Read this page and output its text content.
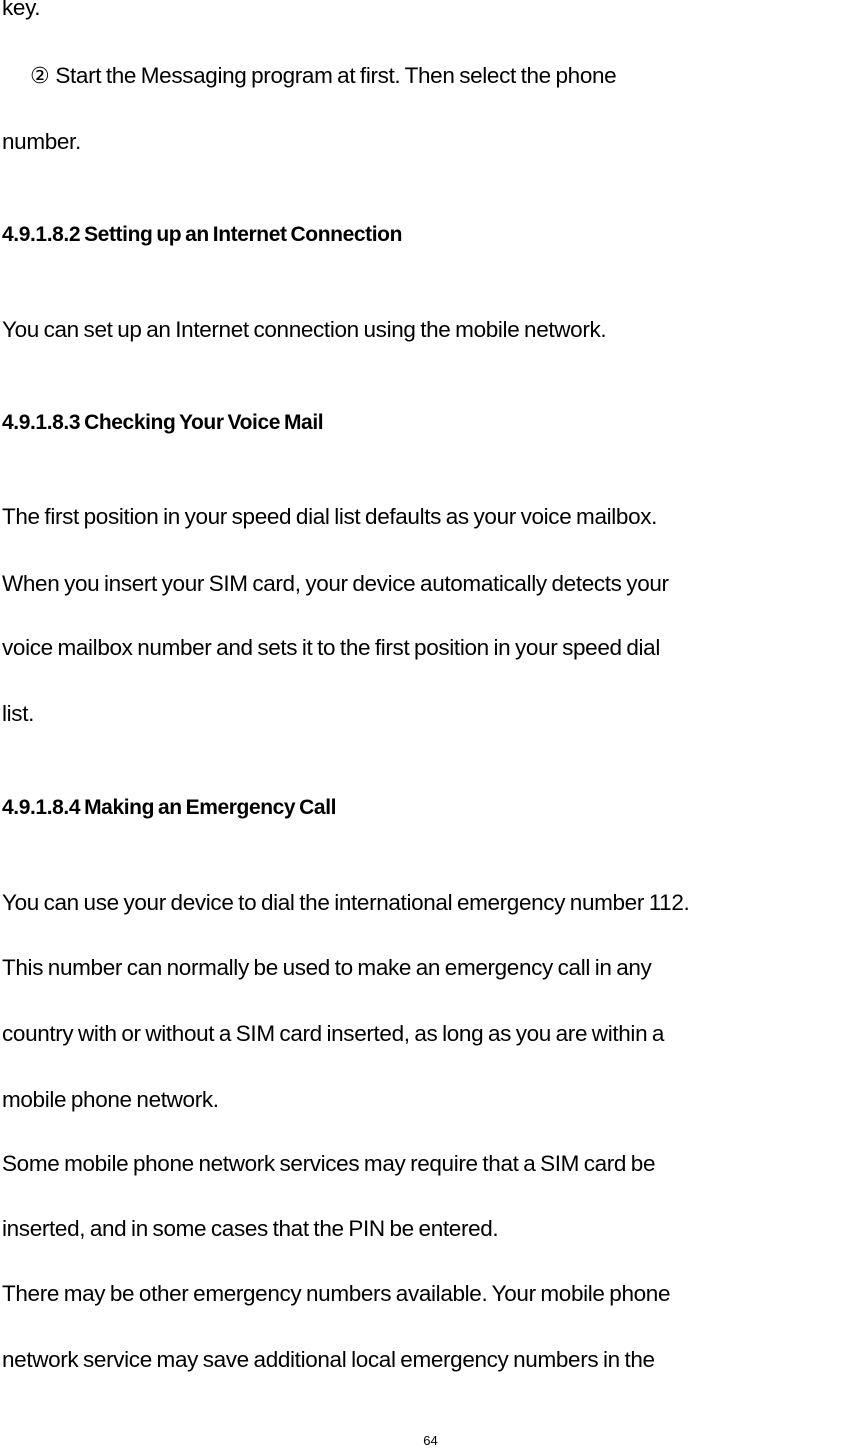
key.
② Start the Messaging program at first. Then select the phone
number.
4.9.1.8.2 Setting up an Internet Connection
You can set up an Internet connection using the mobile network.
4.9.1.8.3 Checking Your Voice Mail
The first position in your speed dial list defaults as your voice mailbox.
When you insert your SIM card, your device automatically detects your
voice mailbox number and sets it to the first position in your speed dial
list.
4.9.1.8.4 Making an Emergency Call
You can use your device to dial the international emergency number 112.
This number can normally be used to make an emergency call in any
country with or without a SIM card inserted, as long as you are within a
mobile phone network.
Some mobile phone network services may require that a SIM card be
inserted, and in some cases that the PIN be entered.
There may be other emergency numbers available. Your mobile phone
network service may save additional local emergency numbers in the
64
